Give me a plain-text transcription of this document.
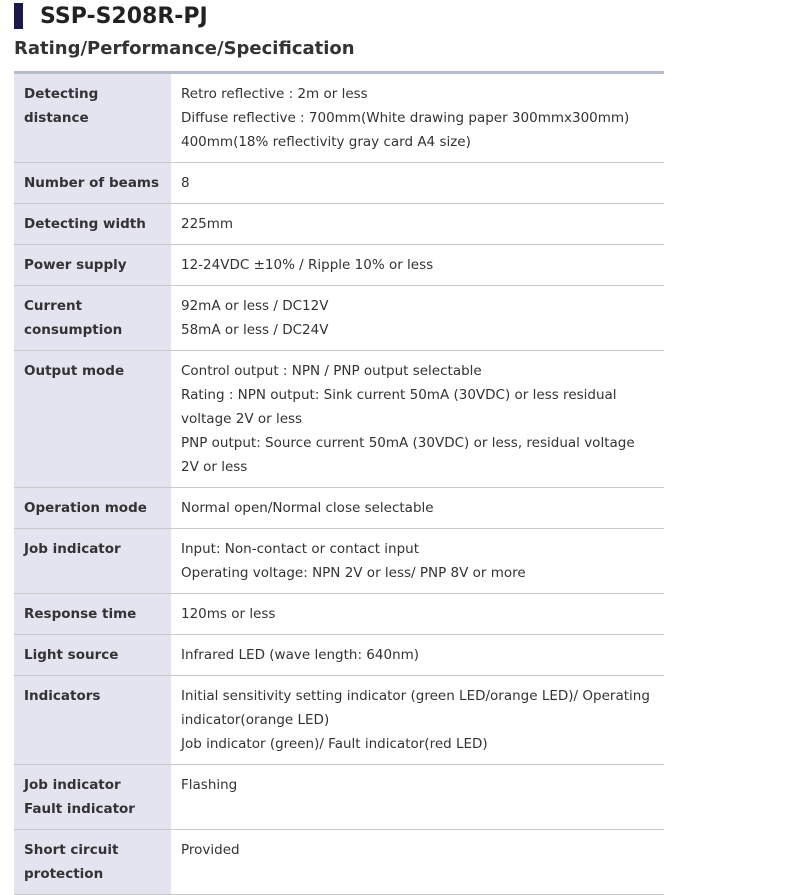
SSP-S208R-PJ
Rating/Performance/Specification
Detecting distance	Retro reflective : 2m or less
Diffuse reflective : 700mm(White drawing paper 300mmx300mm)
400mm(18% reflectivity gray card A4 size)

Number of beams	8

Detecting width	225mm

Power supply	12-24VDC ±10% / Ripple 10% or less

Current
consumption	92mA or less / DC12V
58mA or less / DC24V

Output mode	Control output : NPN / PNP output selectable
Rating : NPN output: Sink current 50mA (30VDC) or less residual voltage 2V or less
PNP output: Source current 50mA (30VDC) or less, residual voltage 2V or less

Operation mode	Normal open/Normal close selectable

Job indicator	Input: Non-contact or contact input
Operating voltage: NPN 2V or less/ PNP 8V or more

Response time	120ms or less

Light source	Infrared LED (wave length: 640nm)

Indicators	Initial sensitivity setting indicator (green LED/orange LED)/ Operating indicator(orange LED)
Job indicator (green)/ Fault indicator(red LED)

Job indicator
Fault indicator	Flashing

Short circuit
protection	Provided
